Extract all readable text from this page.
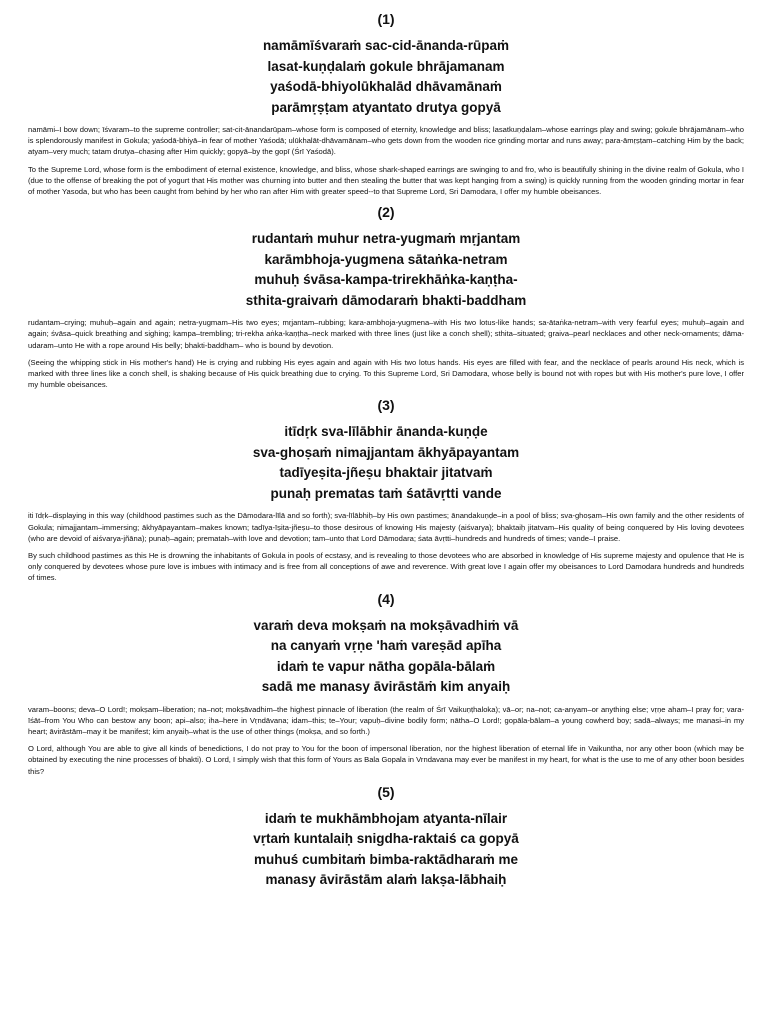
(1)
namāmīśvaraṁ sac-cid-ānanda-rūpaṁ
lasat-kuṇḍalaṁ gokule bhrājamanam
yaśodā-bhiyolūkhalād dhāvamānaṁ
parāmṛṣṭam atyantato drutya gopyā

namāmi–I bow down; īśvaram–to the supreme controller; sat-cit-ānandarūpam–whose form is composed of eternity, knowledge and bliss; lasatkuṇḍalam–whose earrings play and swing; gokule bhrājamānam–who is splendorously manifest in Gokula; yaśodā-bhiyā–in fear of mother Yaśodā; ulūkhalāt-dhāvamānam–who gets down from the wooden rice grinding mortar and runs away; para-āmṛṣṭam–catching Him by the back; atyam–very much; tatam drutya–chasing after Him quickly; gopyā–by the gopī (Śrī Yaśodā).

To the Supreme Lord, whose form is the embodiment of eternal existence, knowledge, and bliss, whose shark-shaped earrings are swinging to and fro, who is beautifully shining in the divine realm of Gokula, who I (due to the offense of breaking the pot of yogurt that His mother was churning into butter and then stealing the butter that was kept hanging from a swing) is quickly running from the wooden grinding mortar in fear of mother Yasoda, but who has been caught from behind by her who ran after Him with greater speed--to that Supreme Lord, Sri Damodara, I offer my humble obeisances.

(2)
rudantaṁ muhur netra-yugmaṁ mṛjantam
karāmbhoja-yugmena sātaṅka-netram
muhuḥ śvāsa-kampa-trirekhāṅka-kaṇṭha-
sthita-graivaṁ dāmodaraṁ bhakti-baddham

rudantam–crying; muhuḥ–again and again; netra-yugmam–His two eyes; mṛjantam–rubbing; kara-ambhoja-yugmena–with His two lotus-like hands; sa-ātaṅka-netram–with very fearful eyes; muhuḥ–again and again; śvāsa–quick breathing and sighing; kampa–trembling; tri-rekha aṅka-kaṇṭha–neck marked with three lines (just like a conch shell); sthita–situated; graiva–pearl necklaces and other neck-ornaments; dāma-udaram–unto He with a rope around His belly; bhakti-baddham– who is bound by devotion.

(Seeing the whipping stick in His mother's hand) He is crying and rubbing His eyes again and again with His two lotus hands. His eyes are filled with fear, and the necklace of pearls around His neck, which is marked with three lines like a conch shell, is shaking because of His quick breathing due to crying. To this Supreme Lord, Sri Damodara, whose belly is bound not with ropes but with His mother's pure love, I offer my humble obeisances.

(3)
itīdṛk sva-līlābhir ānanda-kuṇḍe
sva-ghoṣaṁ nimajjantam ākhyāpayantam
tadīyeṣita-jñeṣu bhaktair jitatvaṁ
punaḥ prematas taṁ śatāvṛtti vande

iti īdṛk–displaying in this way (childhood pastimes such as the Dāmodara-līlā and so forth); sva-līlābhiḥ–by His own pastimes; ānandakuṇḍe–in a pool of bliss; sva-ghoṣam–His own family and the other residents of Gokula; nimajjantam–immersing; ākhyāpayantam–makes known; tadīya-īṣita-jñeṣu–to those desirous of knowing His majesty (aiśvarya); bhaktaiḥ jitatvam–His quality of being conquered by His loving devotees (who are devoid of aiśvarya-jñāna); punaḥ–again; prematah–with love and devotion; tam–unto that Lord Dāmodara; śata āvṛtti–hundreds and hundreds of times; vande–I praise.

By such childhood pastimes as this He is drowning the inhabitants of Gokula in pools of ecstasy, and is revealing to those devotees who are absorbed in knowledge of His supreme majesty and opulence that He is only conquered by devotees whose pure love is imbues with intimacy and is free from all conceptions of awe and reverence. With great love I again offer my obeisances to Lord Damodara hundreds and hundreds of times.

(4)
varaṁ deva mokṣaṁ na mokṣāvadhiṁ vā
na canyaṁ vṛṇe 'haṁ vareṣād apīha
idaṁ te vapur nātha gopāla-bālaṁ
sadā me manasy āvirāstāṁ kim anyaiḥ

varam–boons; deva–O Lord!; mokṣam–liberation; na–not; mokṣāvadhim–the highest pinnacle of liberation (the realm of Śrī Vaikuṇṭhaloka); vā–or; na–not; ca-anyam–or anything else; vṛṇe aham–I pray for; vara-īśāt–from You Who can bestow any boon; api–also; iha–here in Vṛndāvana; idam–this; te–Your; vapuḥ–divine bodily form; nātha–O Lord!; gopāla-bālam–a young cowherd boy; sadā–always; me manasi–in my heart; āvirāstām–may it be manifest; kim anyaiḥ–what is the use of other things (mokṣa, and so forth.)

O Lord, although You are able to give all kinds of benedictions, I do not pray to You for the boon of impersonal liberation, nor the highest liberation of eternal life in Vaikuntha, nor any other boon (which may be obtained by executing the nine processes of bhakti). O Lord, I simply wish that this form of Yours as Bala Gopala in Vrndavana may ever be manifest in my heart, for what is the use to me of any other boon besides this?

(5)
idaṁ te mukhāmbhojam atyanta-nīlair
vṛtaṁ kuntalaiḥ snigdha-raktaiś ca gopyā
muhuś cumbitaṁ bimba-raktādharaṁ me
manasy āvirāstām alaṁ lakṣa-lābhaiḥ
